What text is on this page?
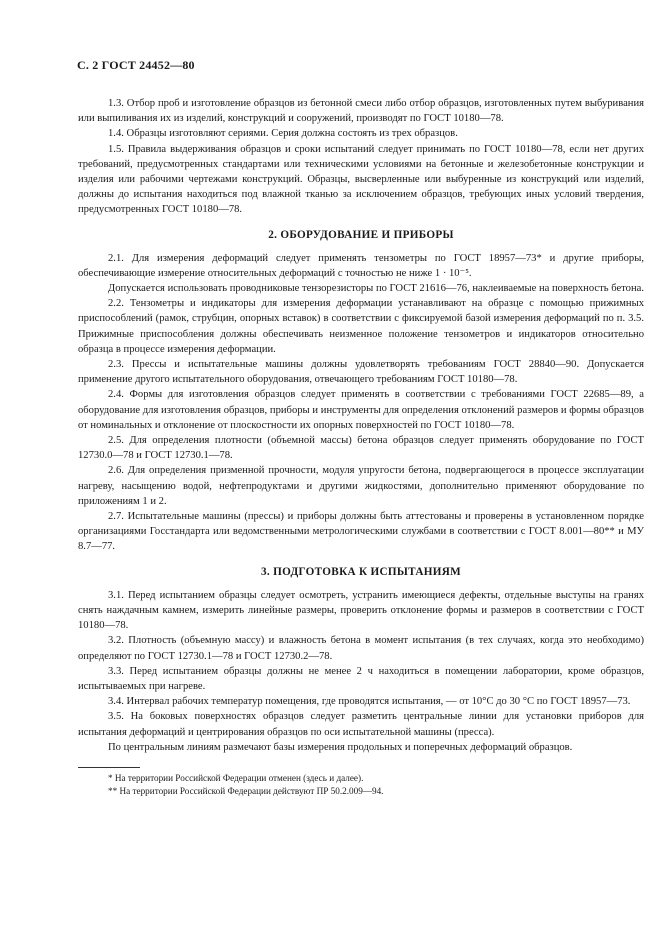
С. 2 ГОСТ 24452—80

1.3. Отбор проб и изготовление образцов из бетонной смеси либо отбор образцов, изготовленных путем выбуривания или выпиливания их из изделий, конструкций и сооружений, производят по ГОСТ 10180—78.

1.4. Образцы изготовляют сериями. Серия должна состоять из трех образцов.

1.5. Правила выдерживания образцов и сроки испытаний следует принимать по ГОСТ 10180—78, если нет других требований, предусмотренных стандартами или техническими условиями на бетонные и железобетонные конструкции и изделия или рабочими чертежами конструкций. Образцы, высверленные или выбуренные из конструкций или изделий, должны до испытания находиться под влажной тканью за исключением образцов, требующих иных условий твердения, предусмотренных ГОСТ 10180—78.

2. ОБОРУДОВАНИЕ И ПРИБОРЫ

2.1. Для измерения деформаций следует применять тензометры по ГОСТ 18957—73* и другие приборы, обеспечивающие измерение относительных деформаций с точностью не ниже 1 · 10⁻⁵.

Допускается использовать проводниковые тензорезисторы по ГОСТ 21616—76, наклеиваемые на поверхность бетона.

2.2. Тензометры и индикаторы для измерения деформации устанавливают на образце с помощью прижимных приспособлений (рамок, струбцин, опорных вставок) в соответствии с фиксируемой базой измерения деформаций по п. 3.5. Прижимные приспособления должны обеспечивать неизменное положение тензометров и индикаторов относительно образца в процессе измерения деформации.

2.3. Прессы и испытательные машины должны удовлетворять требованиям ГОСТ 28840—90. Допускается применение другого испытательного оборудования, отвечающего требованиям ГОСТ 10180—78.

2.4. Формы для изготовления образцов следует применять в соответствии с требованиями ГОСТ 22685—89, а оборудование для изготовления образцов, приборы и инструменты для определения отклонений размеров и формы образцов от номинальных и отклонение от плоскостности их опорных поверхностей по ГОСТ 10180—78.

2.5. Для определения плотности (объемной массы) бетона образцов следует применять оборудование по ГОСТ 12730.0—78 и ГОСТ 12730.1—78.

2.6. Для определения призменной прочности, модуля упругости бетона, подвергающегося в процессе эксплуатации нагреву, насыщению водой, нефтепродуктами и другими жидкостями, дополнительно применяют оборудование по приложениям 1 и 2.

2.7. Испытательные машины (прессы) и приборы должны быть аттестованы и проверены в установленном порядке организациями Госстандарта или ведомственными метрологическими службами в соответствии с ГОСТ 8.001—80** и МУ 8.7—77.

3. ПОДГОТОВКА К ИСПЫТАНИЯМ

3.1. Перед испытанием образцы следует осмотреть, устранить имеющиеся дефекты, отдельные выступы на гранях снять наждачным камнем, измерить линейные размеры, проверить отклонение формы и размеров в соответствии с ГОСТ 10180—78.

3.2. Плотность (объемную массу) и влажность бетона в момент испытания (в тех случаях, когда это необходимо) определяют по ГОСТ 12730.1—78 и ГОСТ 12730.2—78.

3.3. Перед испытанием образцы должны не менее 2 ч находиться в помещении лаборатории, кроме образцов, испытываемых при нагреве.

3.4. Интервал рабочих температур помещения, где проводятся испытания, — от 10°С до 30 °С по ГОСТ 18957—73.

3.5. На боковых поверхностях образцов следует разметить центральные линии для установки приборов для испытания деформаций и центрирования образцов по оси испытательной машины (пресса).

По центральным линиям размечают базы измерения продольных и поперечных деформаций образцов.

* На территории Российской Федерации отменен (здесь и далее).

** На территории Российской Федерации действуют ПР 50.2.009—94.
